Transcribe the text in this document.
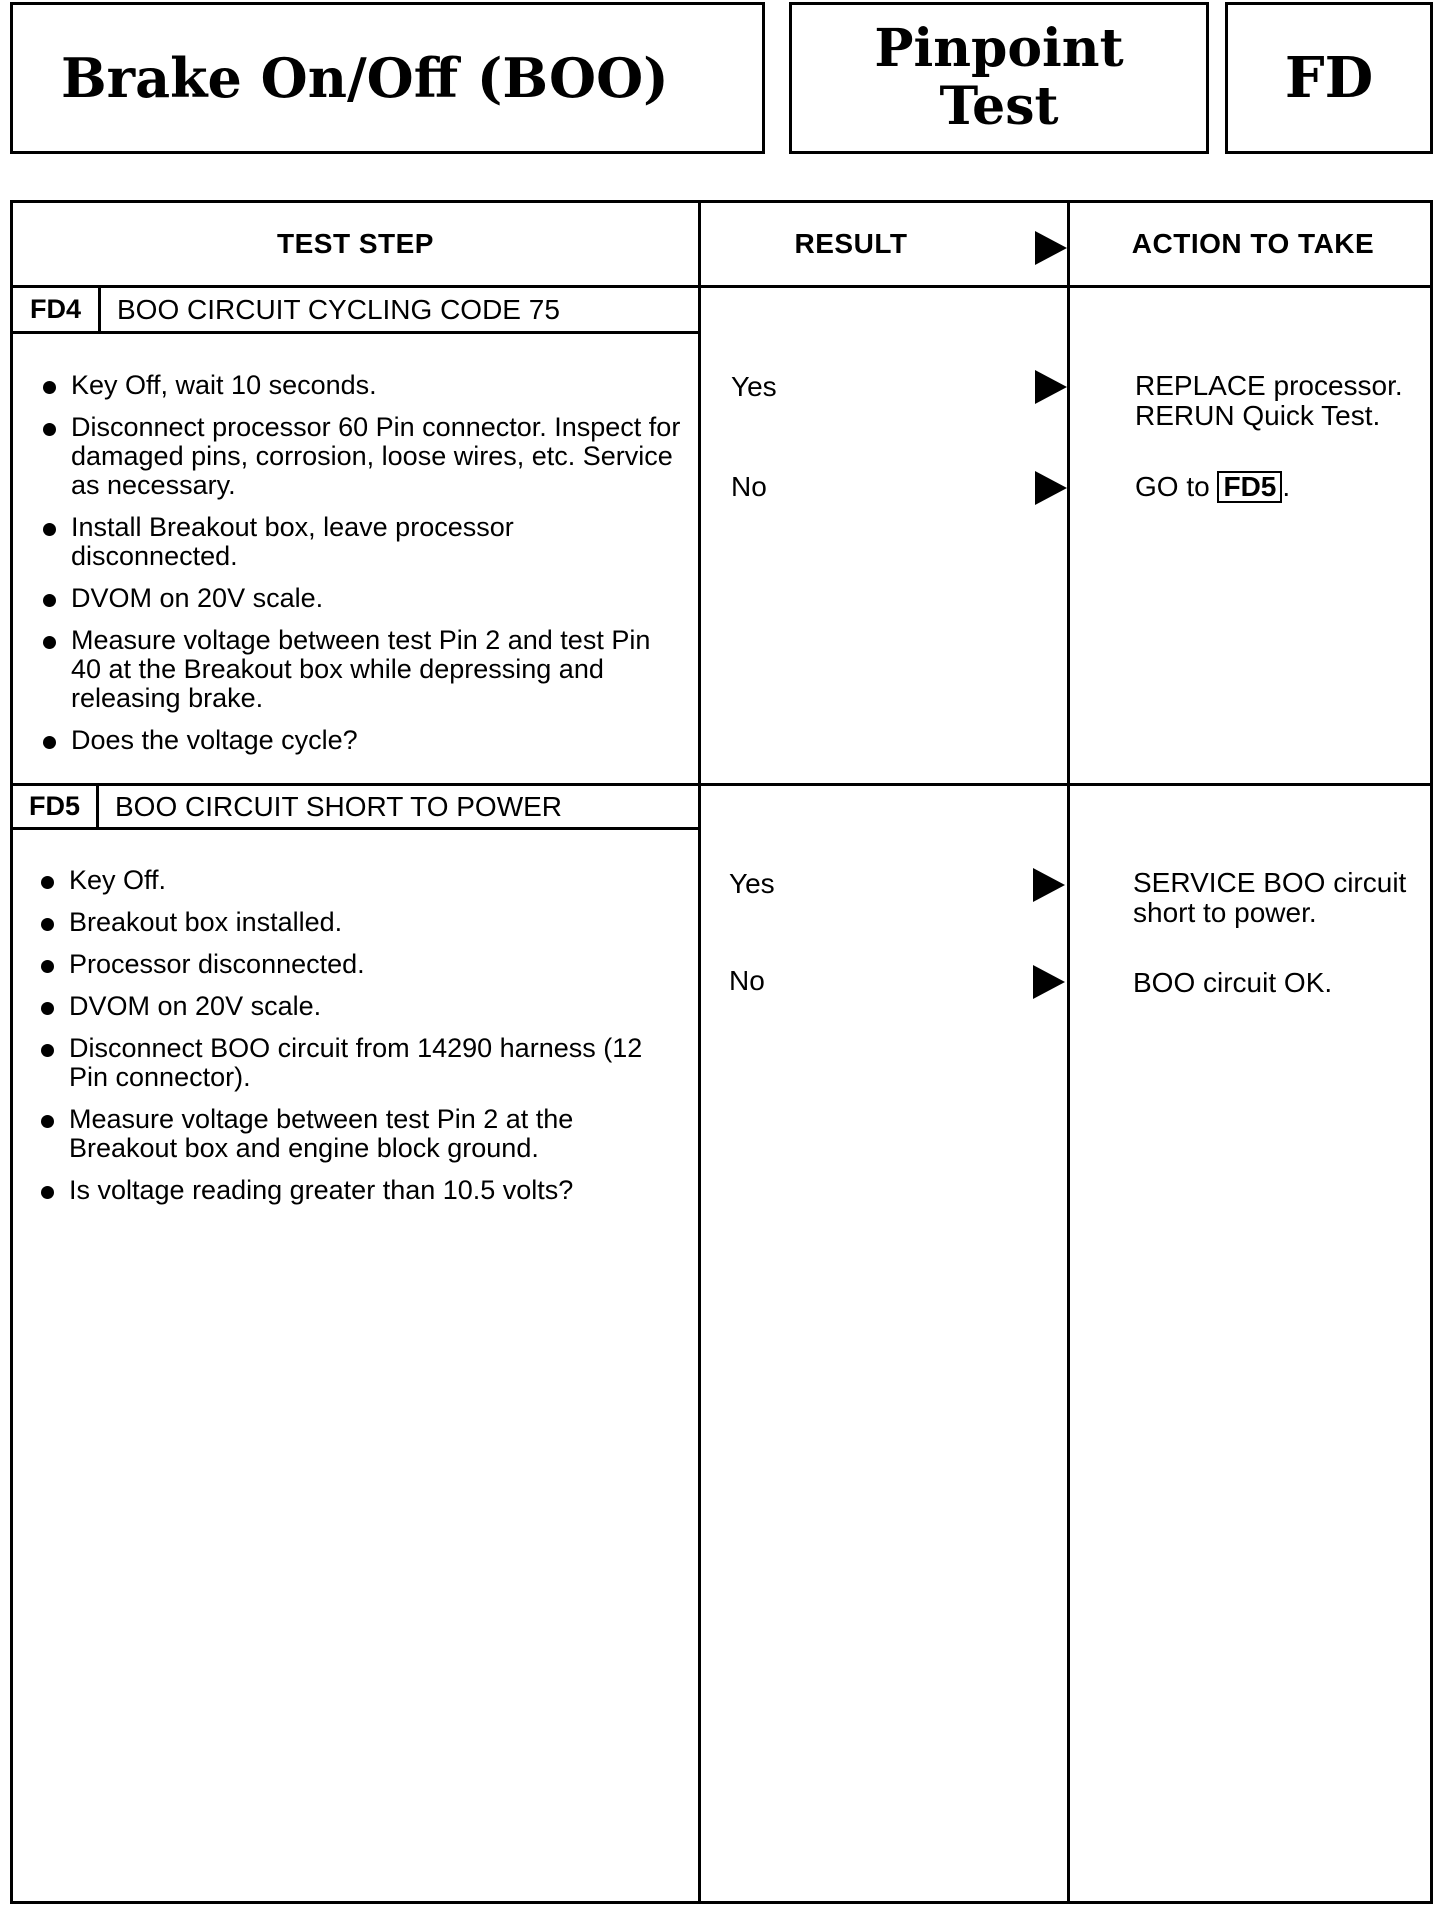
Brake On/Off (BOO)	Pinpoint
Test	FD
TEST STEP	RESULT	ACTION TO TAKE
FD4	BOO CIRCUIT CYCLING CODE 75
Key Off, wait 10 seconds.
Disconnect processor 60 Pin connector. Inspect for damaged pins, corrosion, loose wires, etc. Service as necessary.
Install Breakout box, leave processor disconnected.
DVOM on 20V scale.
Measure voltage between test Pin 2 and test Pin 40 at the Breakout box while depressing and releasing brake.
Does the voltage cycle?
Yes	REPLACE processor.
RERUN Quick Test.
No	GO to FD5 .
FD5	BOO CIRCUIT SHORT TO POWER
Key Off.
Breakout box installed.
Processor disconnected.
DVOM on 20V scale.
Disconnect BOO circuit from 14290 harness (12 Pin connector).
Measure voltage between test Pin 2 at the Breakout box and engine block ground.
Is voltage reading greater than 10.5 volts?
Yes	SERVICE BOO circuit
short to power.
No	BOO circuit OK.
